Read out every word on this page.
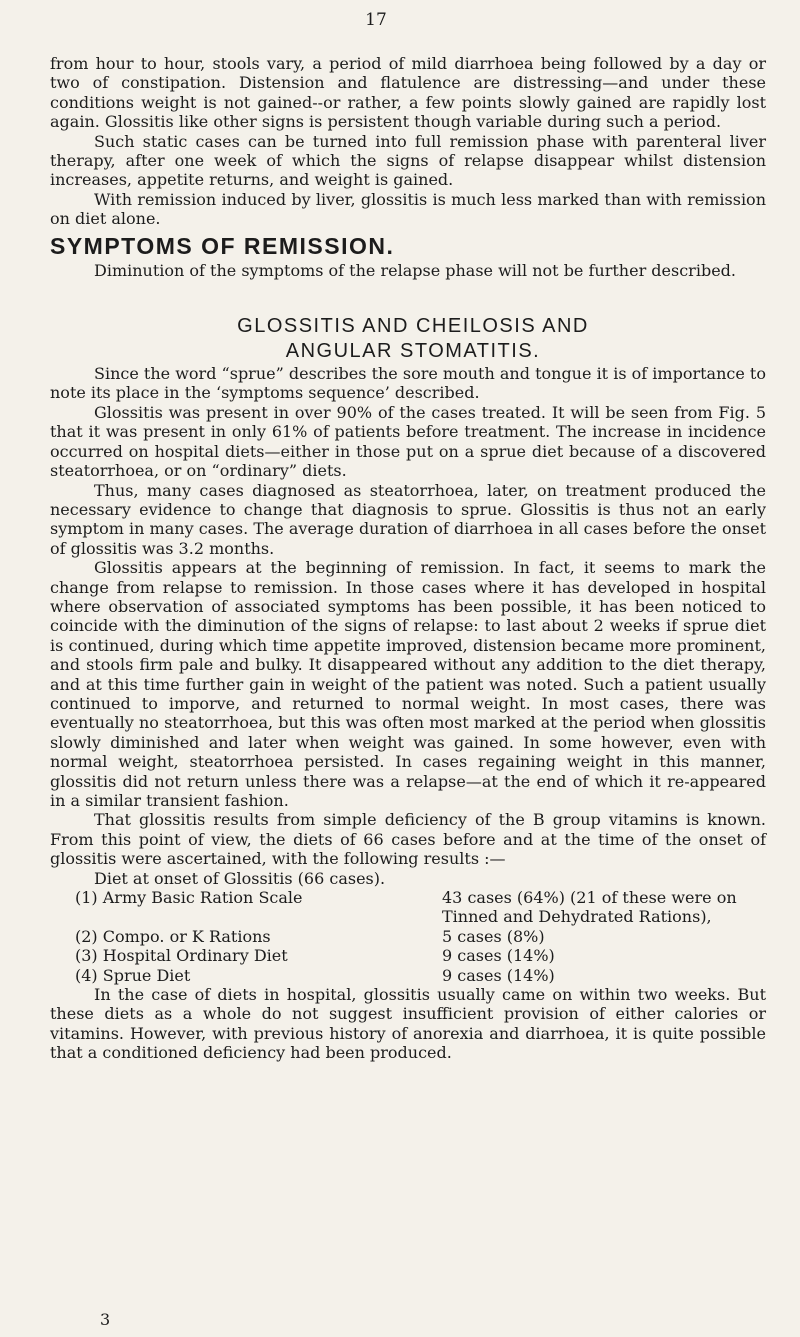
17

from hour to hour, stools vary, a period of mild diarrhoea being followed by a day or two of constipation. Distension and flatulence are distressing—and under these conditions weight is not gained--or rather, a few points slowly gained are rapidly lost again. Glossitis like other signs is persistent though variable during such a period.

Such static cases can be turned into full remission phase with parenteral liver therapy, after one week of which the signs of relapse disappear whilst distension increases, appetite returns, and weight is gained.

With remission induced by liver, glossitis is much less marked than with remission on diet alone.

SYMPTOMS OF REMISSION.

Diminution of the symptoms of the relapse phase will not be further described.

GLOSSITIS AND CHEILOSIS AND
ANGULAR STOMATITIS.

Since the word “sprue” describes the sore mouth and tongue it is of importance to note its place in the ‘symptoms sequence’ described.

Glossitis was present in over 90% of the cases treated. It will be seen from Fig. 5 that it was present in only 61% of patients before treatment. The increase in incidence occurred on hospital diets—either in those put on a sprue diet because of a discovered steatorrhoea, or on “ordinary” diets.

Thus, many cases diagnosed as steatorrhoea, later, on treatment produced the necessary evidence to change that diagnosis to sprue. Glossitis is thus not an early symptom in many cases. The average duration of diarrhoea in all cases before the onset of glossitis was 3.2 months.

Glossitis appears at the beginning of remission. In fact, it seems to mark the change from relapse to remission. In those cases where it has developed in hospital where observation of associated symptoms has been possible, it has been noticed to coincide with the diminution of the signs of relapse: to last about 2 weeks if sprue diet is continued, during which time appetite improved, distension became more prominent, and stools firm pale and bulky. It disappeared without any addition to the diet therapy, and at this time further gain in weight of the patient was noted. Such a patient usually continued to imporve, and returned to normal weight. In most cases, there was eventually no steatorrhoea, but this was often most marked at the period when glossitis slowly diminished and later when weight was gained. In some however, even with normal weight, steatorrhoea persisted. In cases regaining weight in this manner, glossitis did not return unless there was a relapse—at the end of which it re-appeared in a similar transient fashion.

That glossitis results from simple deficiency of the B group vitamins is known. From this point of view, the diets of 66 cases before and at the time of the onset of glossitis were ascertained, with the following results :—

Diet at onset of Glossitis (66 cases).

(1) Army Basic Ration Scale	43 cases (64%) (21 of these were on Tinned and Dehydrated Rations),
(2) Compo. or K Rations	5 cases (8%)
(3) Hospital Ordinary Diet	9 cases (14%)
(4) Sprue Diet	9 cases (14%)

In the case of diets in hospital, glossitis usually came on within two weeks. But these diets as a whole do not suggest insufficient provision of either calories or vitamins. However, with previous history of anorexia and diarrhoea, it is quite possible that a conditioned deficiency had been produced.

3
